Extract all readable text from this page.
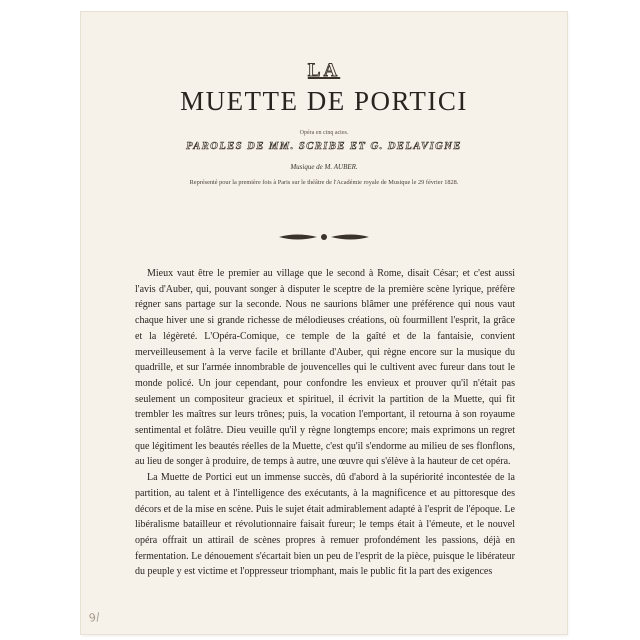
LA
MUETTE DE PORTICI
Opéra en cinq actes.
PAROLES DE MM. SCRIBE ET G. DELAVIGNE
Musique de M. AUBER.
Représenté pour la première fois à Paris sur le théâtre de l'Académie royale de Musique le 29 février 1828.

Mieux vaut être le premier au village que le second à Rome, disait César; et c'est aussi l'avis d'Auber, qui, pouvant songer à disputer le sceptre de la première scène lyrique, préfère régner sans partage sur la seconde. Nous ne saurions blâmer une préférence qui nous vaut chaque hiver une si grande richesse de mélodieuses créations, où fourmillent l'esprit, la grâce et la légèreté. L'Opéra-Comique, ce temple de la gaîté et de la fantaisie, convient merveilleusement à la verve facile et brillante d'Auber, qui règne encore sur la musique du quadrille, et sur l'armée innombrable de jouvencelles qui le cultivent avec fureur dans tout le monde policé. Un jour cependant, pour confondre les envieux et prouver qu'il n'était pas seulement un compositeur gracieux et spirituel, il écrivit la partition de la Muette, qui fit trembler les maîtres sur leurs trônes; puis, la vocation l'emportant, il retourna à son royaume sentimental et folâtre. Dieu veuille qu'il y règne longtemps encore; mais exprimons un regret que légitiment les beautés réelles de la Muette, c'est qu'il s'endorme au milieu de ses flonflons, au lieu de songer à produire, de temps à autre, une œuvre qui s'élève à la hauteur de cet opéra.

La Muette de Portici eut un immense succès, dû d'abord à la supériorité incontestée de la partition, au talent et à l'intelligence des exécutants, à la magnificence et au pittoresque des décors et de la mise en scène. Puis le sujet était admirablement adapté à l'esprit de l'époque. Le libéralisme batailleur et révolutionnaire faisait fureur; le temps était à l'émeute, et le nouvel opéra offrait un attirail de scènes propres à remuer profondément les passions, déjà en fermentation. Le dénouement s'écartait bien un peu de l'esprit de la pièce, puisque le libérateur du peuple y est victime et l'oppresseur triomphant, mais le public fit la part des exigences

9/
